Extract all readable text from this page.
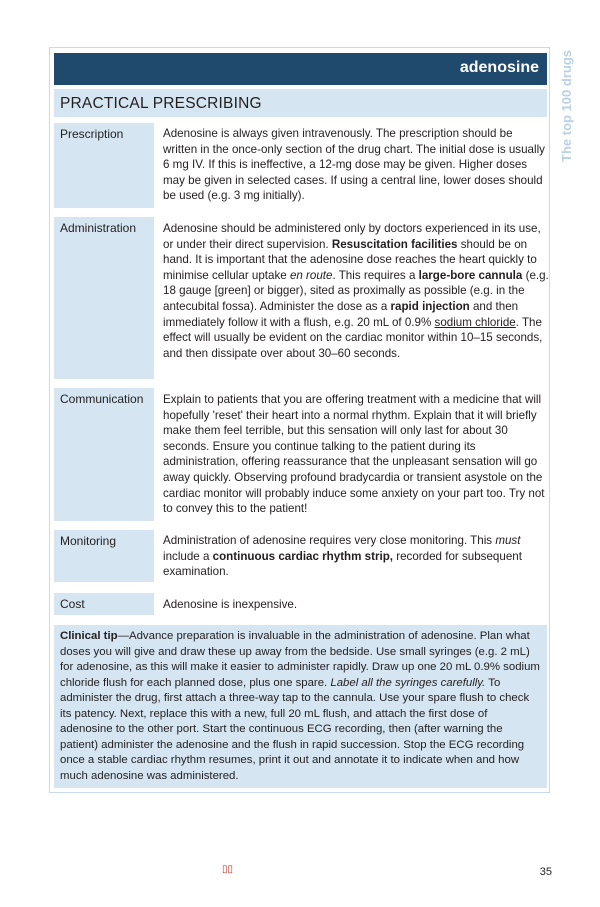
adenosine The top 100 drugs
PRACTICAL PRESCRIBING
Prescription	Adenosine is always given intravenously. The prescription should be written in the once-only section of the drug chart. The initial dose is usually 6 mg IV. If this is ineffective, a 12-mg dose may be given. Higher doses may be given in selected cases. If using a central line, lower doses should be used (e.g. 3 mg initially).
Administration	Adenosine should be administered only by doctors experienced in its use, or under their direct supervision. Resuscitation facilities should be on hand. It is important that the adenosine dose reaches the heart quickly to minimise cellular uptake en route. This requires a large-bore cannula (e.g. 18 gauge [green] or bigger), sited as proximally as possible (e.g. in the antecubital fossa). Administer the dose as a rapid injection and then immediately follow it with a flush, e.g. 20 mL of 0.9% sodium chloride. The effect will usually be evident on the cardiac monitor within 10–15 seconds, and then dissipate over about 30–60 seconds.
Communication	Explain to patients that you are offering treatment with a medicine that will hopefully 'reset' their heart into a normal rhythm. Explain that it will briefly make them feel terrible, but this sensation will only last for about 30 seconds. Ensure you continue talking to the patient during its administration, offering reassurance that the unpleasant sensation will go away quickly. Observing profound bradycardia or transient asystole on the cardiac monitor will probably induce some anxiety on your part too. Try not to convey this to the patient!
Monitoring	Administration of adenosine requires very close monitoring. This must include a continuous cardiac rhythm strip, recorded for subsequent examination.
Cost	Adenosine is inexpensive.
Clinical tip—Advance preparation is invaluable in the administration of adenosine. Plan what doses you will give and draw these up away from the bedside. Use small syringes (e.g. 2 mL) for adenosine, as this will make it easier to administer rapidly. Draw up one 20 mL 0.9% sodium chloride flush for each planned dose, plus one spare. Label all the syringes carefully. To administer the drug, first attach a three-way tap to the cannula. Use your spare flush to check its patency. Next, replace this with a new, full 20 mL flush, and attach the first dose of adenosine to the other port. Start the continuous ECG recording, then (after warning the patient) administer the adenosine and the flush in rapid succession. Stop the ECG recording once a stable cardiac rhythm resumes, print it out and annotate it to indicate when and how much adenosine was administered.
▯▯	35
